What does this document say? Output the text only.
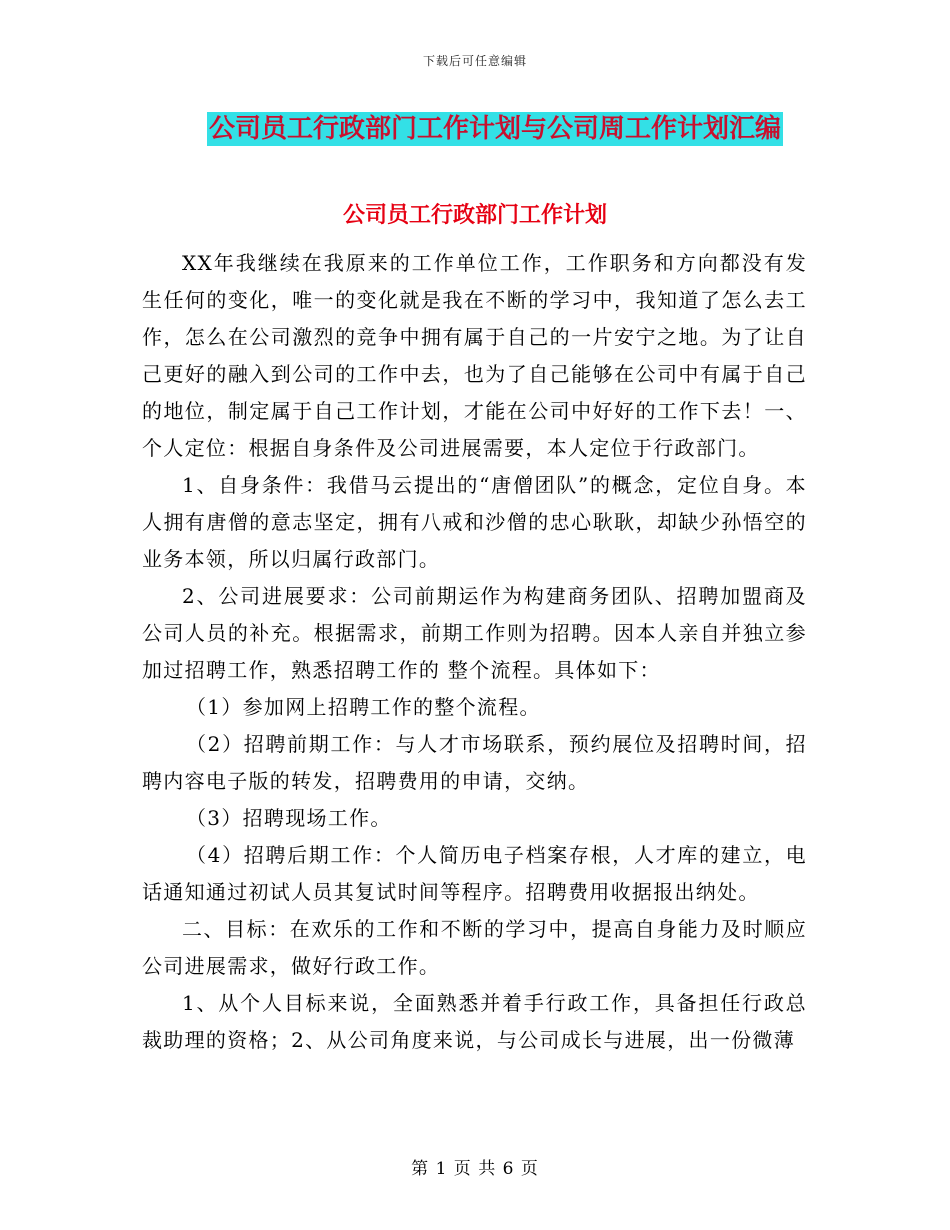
下载后可任意编辑
公司员工行政部门工作计划与公司周工作计划汇编
公司员工行政部门工作计划

XX年我继续在我原来的工作单位工作，工作职务和方向都没有发生任何的变化，唯一的变化就是我在不断的学习中，我知道了怎么去工作，怎么在公司激烈的竞争中拥有属于自己的一片安宁之地。为了让自己更好的融入到公司的工作中去，也为了自己能够在公司中有属于自己的地位，制定属于自己工作计划，才能在公司中好好的工作下去！一、个人定位：根据自身条件及公司进展需要，本人定位于行政部门。

1、自身条件：我借马云提出的“唐僧团队”的概念，定位自身。本人拥有唐僧的意志坚定，拥有八戒和沙僧的忠心耿耿，却缺少孙悟空的业务本领，所以归属行政部门。

2、公司进展要求：公司前期运作为构建商务团队、招聘加盟商及公司人员的补充。根据需求，前期工作则为招聘。因本人亲自并独立参加过招聘工作，熟悉招聘工作的 整个流程。具体如下：

（1）参加网上招聘工作的整个流程。

（2）招聘前期工作：与人才市场联系，预约展位及招聘时间，招聘内容电子版的转发，招聘费用的申请，交纳。

（3）招聘现场工作。

（4）招聘后期工作：个人简历电子档案存根，人才库的建立，电话通知通过初试人员其复试时间等程序。招聘费用收据报出纳处。

二、目标：在欢乐的工作和不断的学习中，提高自身能力及时顺应公司进展需求，做好行政工作。

1、从个人目标来说，全面熟悉并着手行政工作，具备担任行政总裁助理的资格；2、从公司角度来说，与公司成长与进展，出一份微薄

第 1 页 共 6 页
